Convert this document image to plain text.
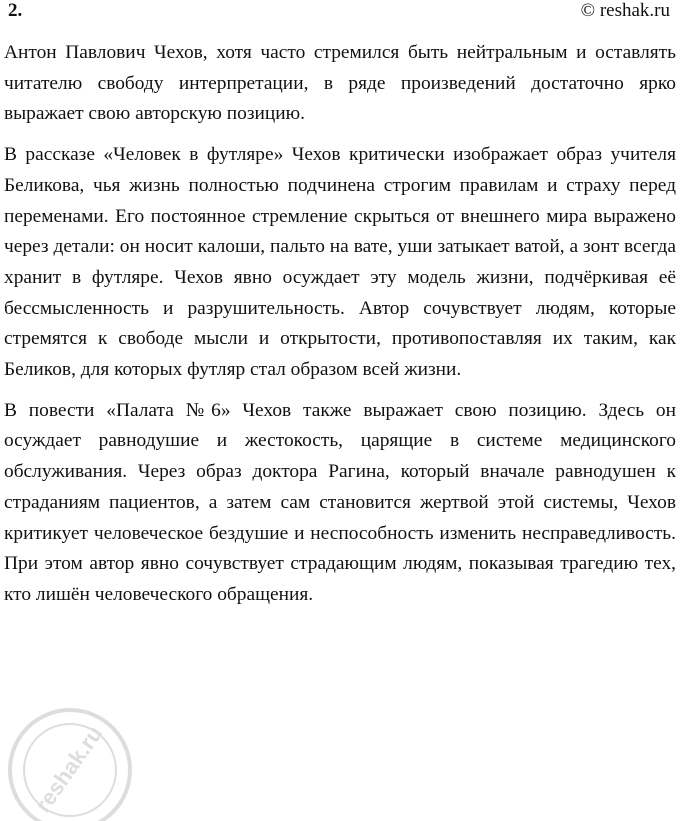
2.	© reshak.ru

Антон Павлович Чехов, хотя часто стремился быть нейтральным и оставлять читателю свободу интерпретации, в ряде произведений достаточно ярко выражает свою авторскую позицию.

В рассказе «Человек в футляре» Чехов критически изображает образ учителя Беликова, чья жизнь полностью подчинена строгим правилам и страху перед переменами. Его постоянное стремление скрыться от внешнего мира выражено через детали: он носит калоши, пальто на вате, уши затыкает ватой, а зонт всегда хранит в футляре. Чехов явно осуждает эту модель жизни, подчёркивая её бессмысленность и разрушительность. Автор сочувствует людям, которые стремятся к свободе мысли и открытости, противопоставляя их таким, как Беликов, для которых футляр стал образом всей жизни.

В повести «Палата №6» Чехов также выражает свою позицию. Здесь он осуждает равнодушие и жестокость, царящие в системе медицинского обслуживания. Через образ доктора Рагина, который вначале равнодушен к страданиям пациентов, а затем сам становится жертвой этой системы, Чехов критикует человеческое бездушие и неспособность изменить несправедливость. При этом автор явно сочувствует страдающим людям, показывая трагедию тех, кто лишён человеческого обращения.

reshak.ru
